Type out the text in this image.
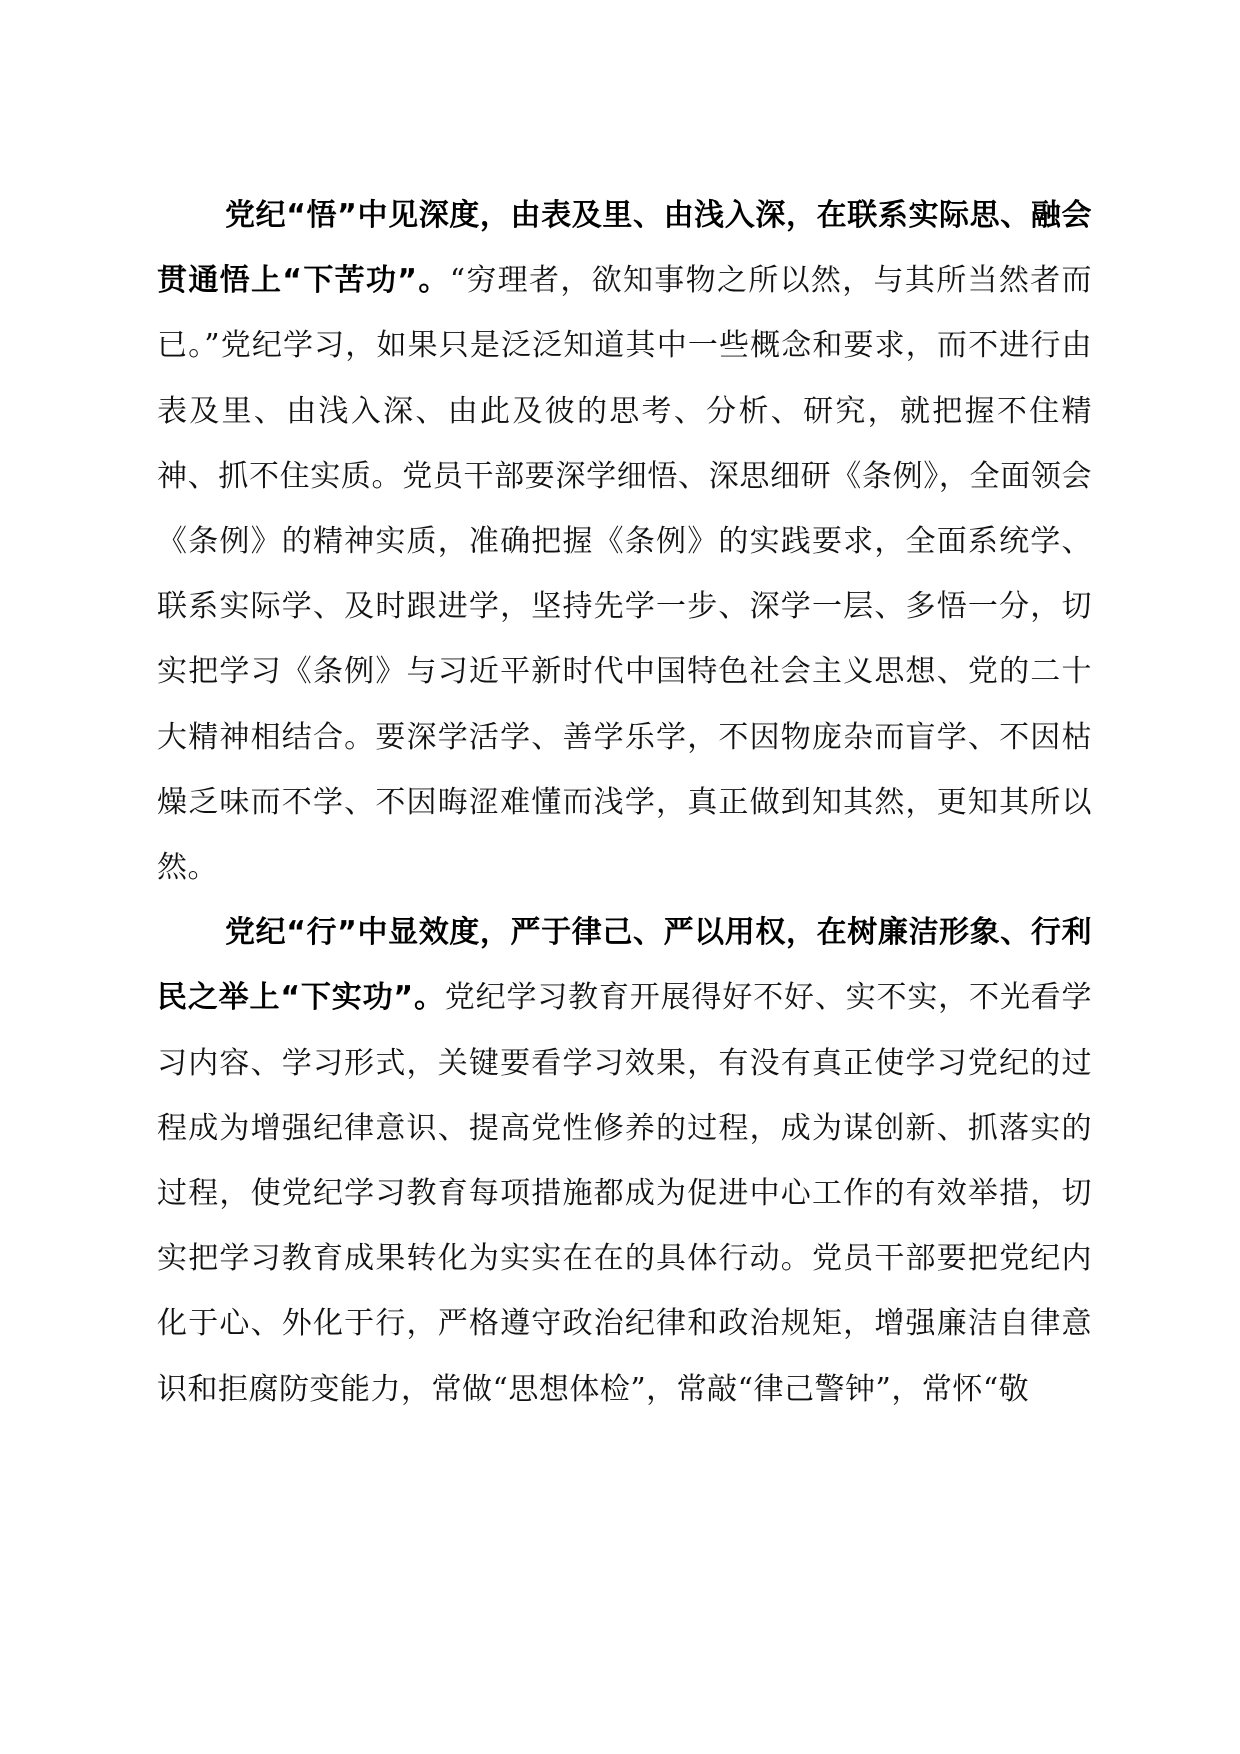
党纪“悟”中见深度，由表及里、由浅入深，在联系实际思、融会贯通悟上“下苦功”。“穷理者，欲知事物之所以然，与其所当然者而已。”党纪学习，如果只是泛泛知道其中一些概念和要求，而不进行由表及里、由浅入深、由此及彼的思考、分析、研究，就把握不住精神、抓不住实质。党员干部要深学细悟、深思细研《条例》，全面领会《条例》的精神实质，准确把握《条例》的实践要求，全面系统学、联系实际学、及时跟进学，坚持先学一步、深学一层、多悟一分，切实把学习《条例》与习近平新时代中国特色社会主义思想、党的二十大精神相结合。要深学活学、善学乐学，不因物庞杂而盲学、不因枯燥乏味而不学、不因晦涩难懂而浅学，真正做到知其然，更知其所以然。

党纪“行”中显效度，严于律己、严以用权，在树廉洁形象、行利民之举上“下实功”。党纪学习教育开展得好不好、实不实，不光看学习内容、学习形式，关键要看学习效果，有没有真正使学习党纪的过程成为增强纪律意识、提高党性修养的过程，成为谋创新、抓落实的过程，使党纪学习教育每项措施都成为促进中心工作的有效举措，切实把学习教育成果转化为实实在在的具体行动。党员干部要把党纪内化于心、外化于行，严格遵守政治纪律和政治规矩，增强廉洁自律意识和拒腐防变能力，常做“思想体检”，常敲“律己警钟”，常怀“敬
